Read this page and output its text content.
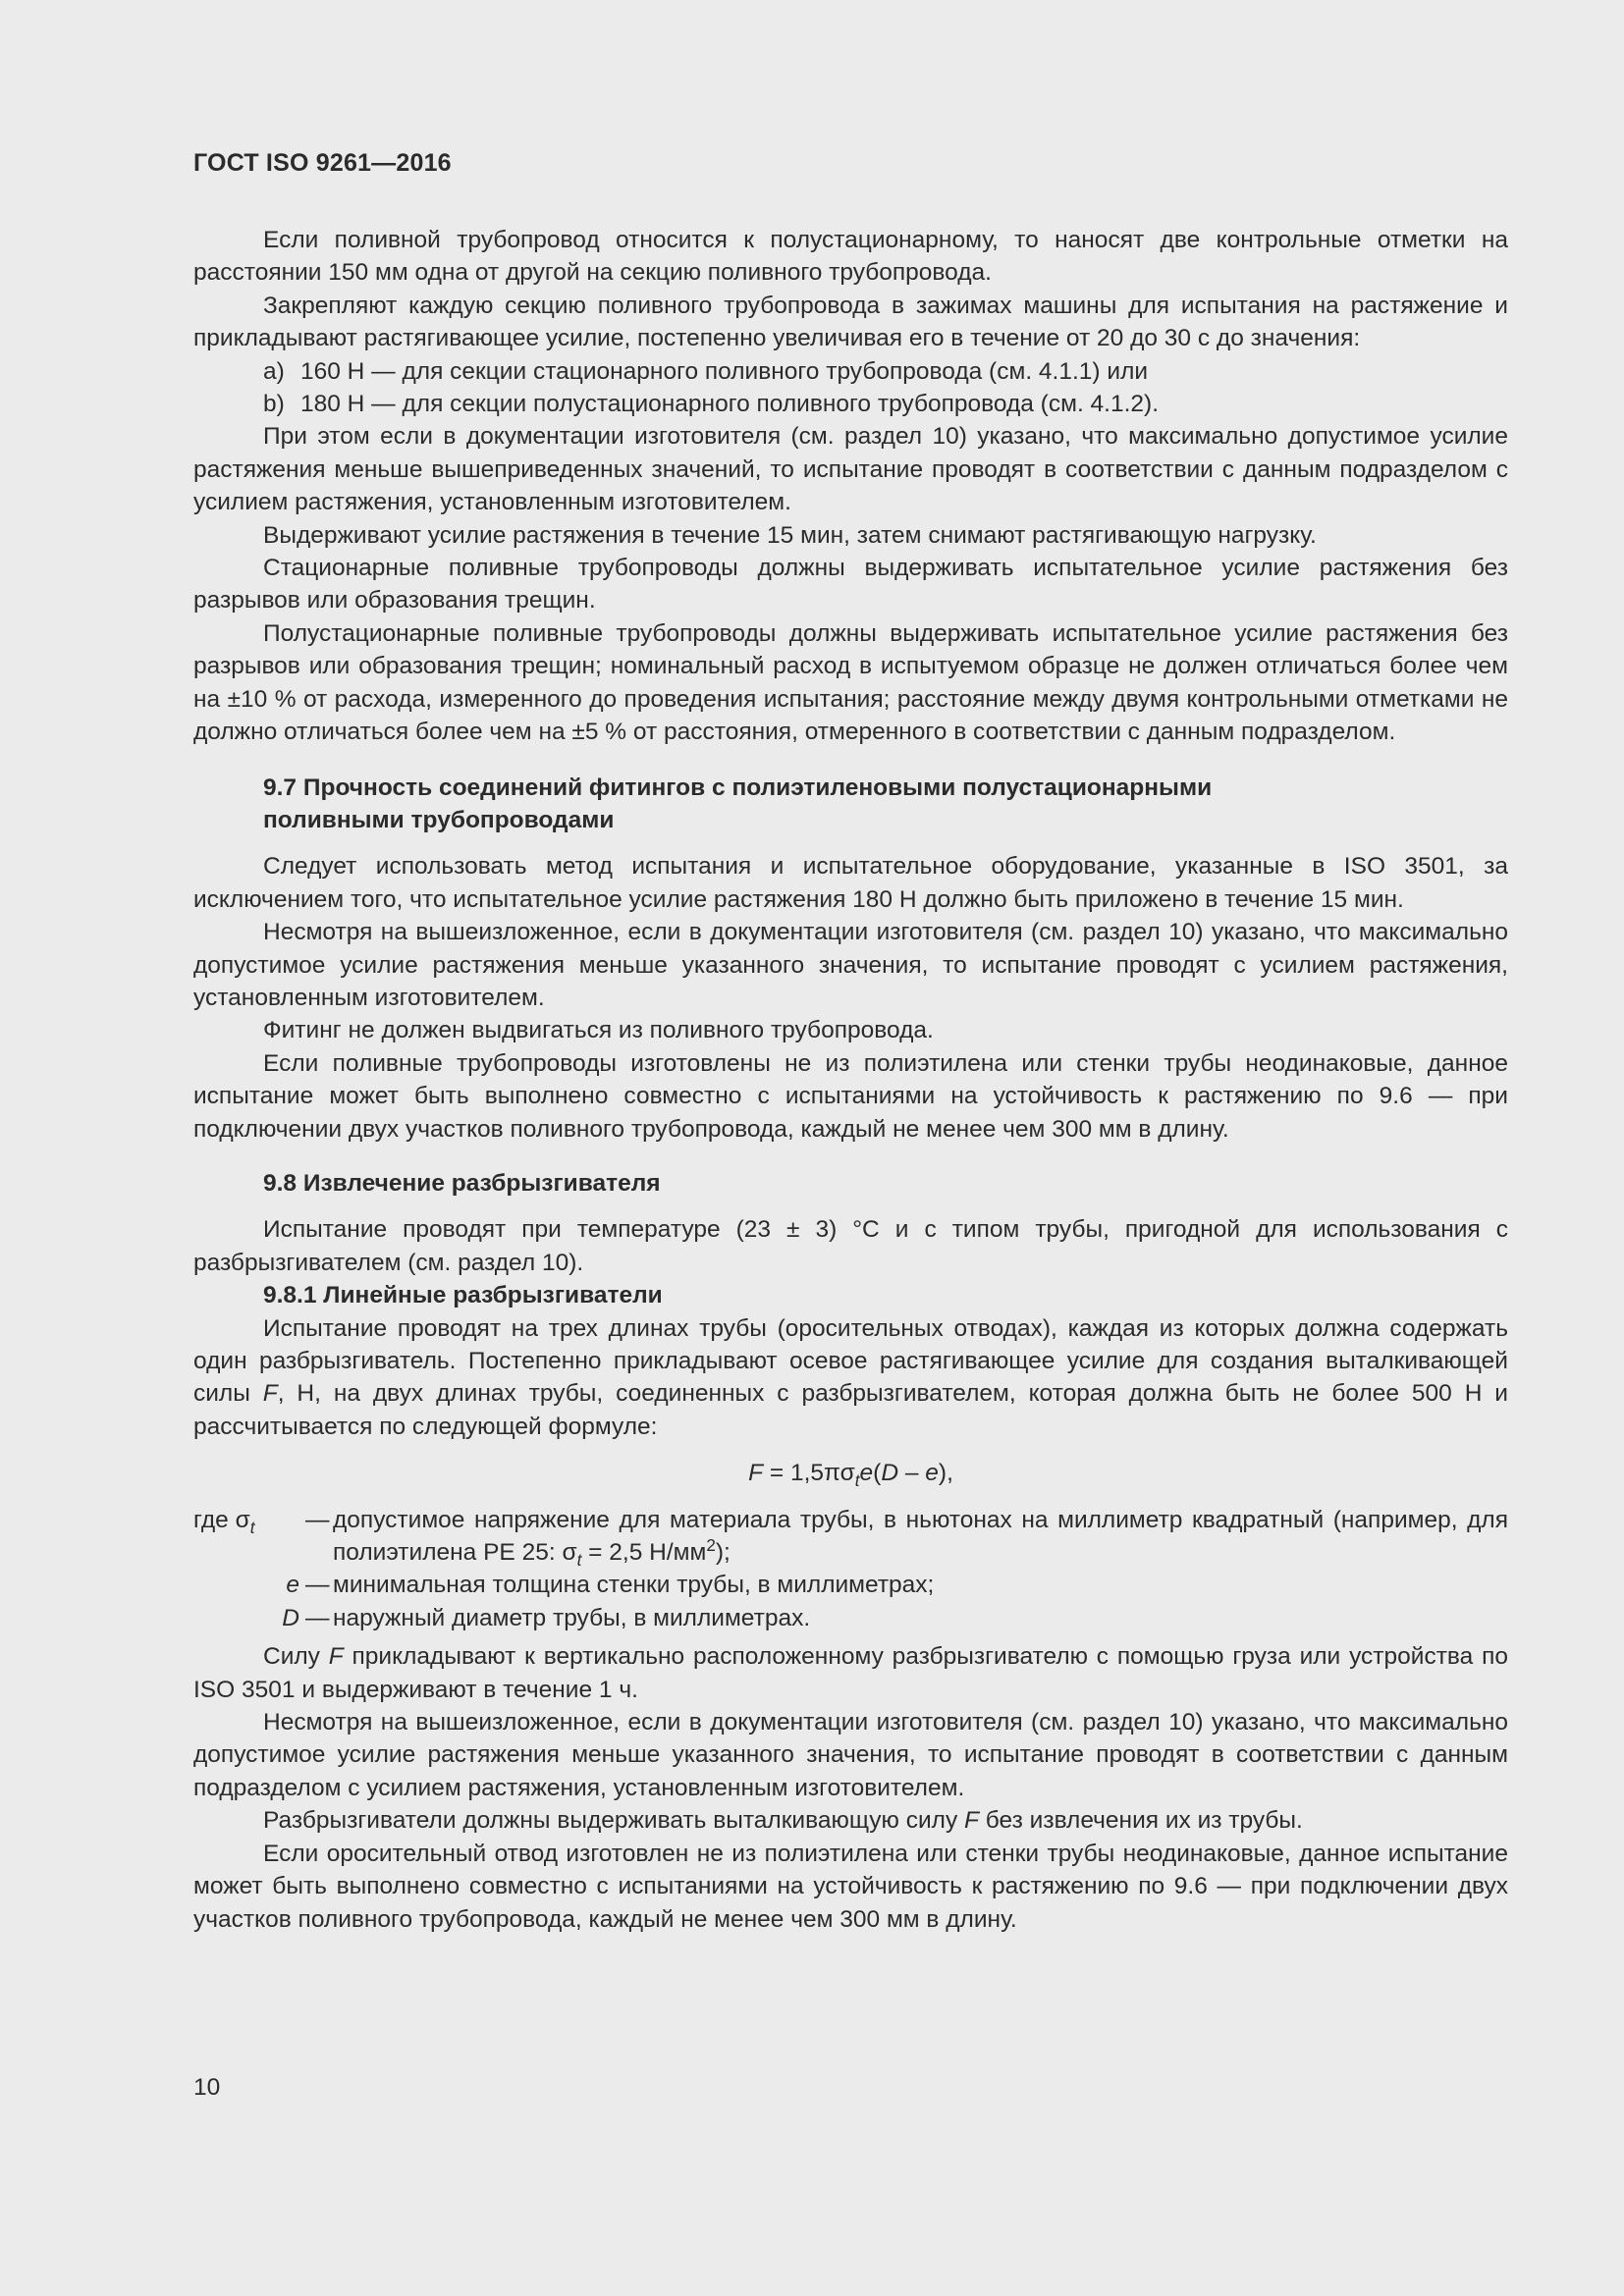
ГОСТ ISO 9261—2016

Если поливной трубопровод относится к полустационарному, то наносят две контрольные отметки на расстоянии 150 мм одна от другой на секцию поливного трубопровода.

Закрепляют каждую секцию поливного трубопровода в зажимах машины для испытания на растяжение и прикладывают растягивающее усилие, постепенно увеличивая его в течение от 20 до 30 с до значения:

a) 160 Н — для секции стационарного поливного трубопровода (см. 4.1.1) или
b) 180 Н — для секции полустационарного поливного трубопровода (см. 4.1.2).

При этом если в документации изготовителя (см. раздел 10) указано, что максимально допустимое усилие растяжения меньше вышеприведенных значений, то испытание проводят в соответствии с данным подразделом с усилием растяжения, установленным изготовителем.

Выдерживают усилие растяжения в течение 15 мин, затем снимают растягивающую нагрузку.

Стационарные поливные трубопроводы должны выдерживать испытательное усилие растяжения без разрывов или образования трещин.

Полустационарные поливные трубопроводы должны выдерживать испытательное усилие растяжения без разрывов или образования трещин; номинальный расход в испытуемом образце не должен отличаться более чем на ±10 % от расхода, измеренного до проведения испытания; расстояние между двумя контрольными отметками не должно отличаться более чем на ±5 % от расстояния, отмеренного в соответствии с данным подразделом.

9.7 Прочность соединений фитингов с полиэтиленовыми полустационарными
поливными трубопроводами

Следует использовать метод испытания и испытательное оборудование, указанные в ISO 3501, за исключением того, что испытательное усилие растяжения 180 Н должно быть приложено в течение 15 мин.

Несмотря на вышеизложенное, если в документации изготовителя (см. раздел 10) указано, что максимально допустимое усилие растяжения меньше указанного значения, то испытание проводят с усилием растяжения, установленным изготовителем.

Фитинг не должен выдвигаться из поливного трубопровода.

Если поливные трубопроводы изготовлены не из полиэтилена или стенки трубы неодинаковые, данное испытание может быть выполнено совместно с испытаниями на устойчивость к растяжению по 9.6 — при подключении двух участков поливного трубопровода, каждый не менее чем 300 мм в длину.

9.8 Извлечение разбрызгивателя

Испытание проводят при температуре (23 ± 3) °С и с типом трубы, пригодной для использования с разбрызгивателем (см. раздел 10).

9.8.1 Линейные разбрызгиватели

Испытание проводят на трех длинах трубы (оросительных отводах), каждая из которых должна содержать один разбрызгиватель. Постепенно прикладывают осевое растягивающее усилие для создания выталкивающей силы F, Н, на двух длинах трубы, соединенных с разбрызгивателем, которая должна быть не более 500 Н и рассчитывается по следующей формуле:

$F = 1,5\pi\sigma_te(D - e)$,

где $\sigma_t$	— допустимое напряжение для материала трубы, в ньютонах на миллиметр квадратный (например, для полиэтилена PE 25: $\sigma_t = 2,5$ $Н/мм^2$);
e — минимальная толщина стенки трубы, в миллиметрах;
D — наружный диаметр трубы, в миллиметрах.

Силу F прикладывают к вертикально расположенному разбрызгивателю с помощью груза или устройства по ISO 3501 и выдерживают в течение 1 ч.

Несмотря на вышеизложенное, если в документации изготовителя (см. раздел 10) указано, что максимально допустимое усилие растяжения меньше указанного значения, то испытание проводят в соответствии с данным подразделом с усилием растяжения, установленным изготовителем.

Разбрызгиватели должны выдерживать выталкивающую силу F без извлечения их из трубы.

Если оросительный отвод изготовлен не из полиэтилена или стенки трубы неодинаковые, данное испытание может быть выполнено совместно с испытаниями на устойчивость к растяжению по 9.6 — при подключении двух участков поливного трубопровода, каждый не менее чем 300 мм в длину.

10
